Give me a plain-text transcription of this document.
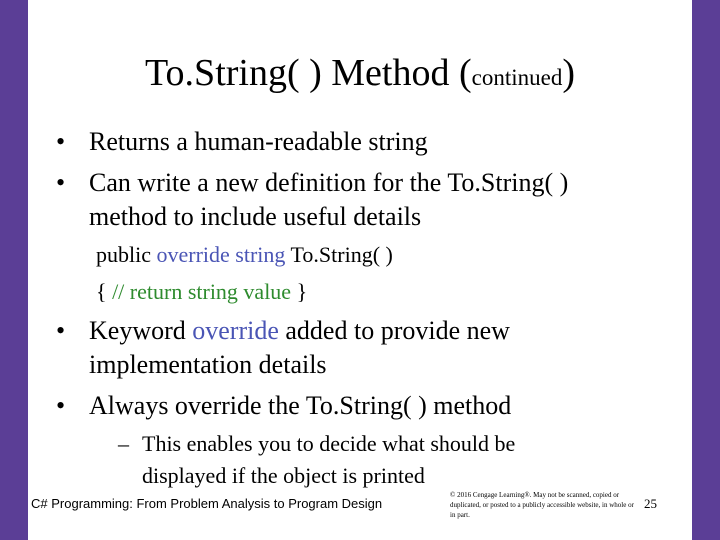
To.String( ) Method (continued)
• Returns a human-readable string
• Can write a new definition for the To.String( )
method to include useful details
public override string To.String( )
{ // return string value }
• Keyword override added to provide new
implementation details
• Always override the To.String( ) method
– This enables you to decide what should be
displayed if the object is printed
C# Programming: From Problem Analysis to Program Design
© 2016 Cengage Learning®. May not be scanned, copied or duplicated, or posted to a publicly accessible website, in whole or in part.
25
